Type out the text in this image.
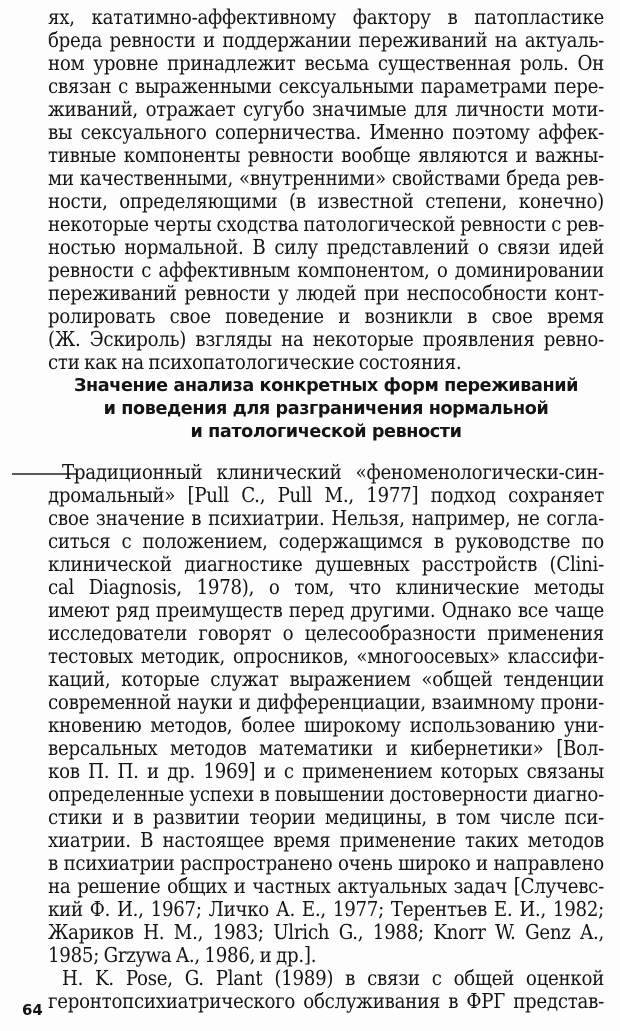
ях, кататимно-аффективному фактору в патопластике
бреда ревности и поддержании переживаний на актуаль-
ном уровне принадлежит весьма существенная роль. Он
связан с выраженными сексуальными параметрами пере-
живаний, отражает сугубо значимые для личности моти-
вы сексуального соперничества. Именно поэтому аффек-
тивные компоненты ревности вообще являются и важны-
ми качественными, «внутренними» свойствами бреда рев-
ности, определяющими (в известной степени, конечно)
некоторые черты сходства патологической ревности с рев-
ностью нормальной. В силу представлений о связи идей
ревности с аффективным компонентом, о доминировании
переживаний ревности у людей при неспособности конт-
ролировать свое поведение и возникли в свое время
(Ж. Эскироль) взгляды на некоторые проявления ревно-
сти как на психопатологические состояния.
Значение анализа конкретных форм переживаний
и поведения для разграничения нормальной
и патологической ревности
Традиционный клинический «феноменологически-син-
дромальный» [Pull C., Pull M., 1977] подход сохраняет
свое значение в психиатрии. Нельзя, например, не согла-
ситься с положением, содержащимся в руководстве по
клинической диагностике душевных расстройств (Clini-
cal Diagnosis, 1978), о том, что клинические методы
имеют ряд преимуществ перед другими. Однако все чаще
исследователи говорят о целесообразности применения
тестовых методик, опросников, «многоосевых» классифи-
каций, которые служат выражением «общей тенденции
современной науки и дифференциации, взаимному прони-
кновению методов, более широкому использованию уни-
версальных методов математики и кибернетики» [Вол-
ков П. П. и др. 1969] и с применением которых связаны
определенные успехи в повышении достоверности диагно-
стики и в развитии теории медицины, в том числе пси-
хиатрии. В настоящее время применение таких методов
в психиатрии распространено очень широко и направлено
на решение общих и частных актуальных задач [Случевс-
кий Ф. И., 1967; Личко А. Е., 1977; Терентьев Е. И., 1982;
Жариков Н. М., 1983; Ulrich G., 1988; Knorr W. Genz A.,
1985; Grzywa A., 1986, и др.].
H. K. Pose, G. Plant (1989) в связи с общей оценкой
геронтопсихиатрического обслуживания в ФРГ представ-
64
